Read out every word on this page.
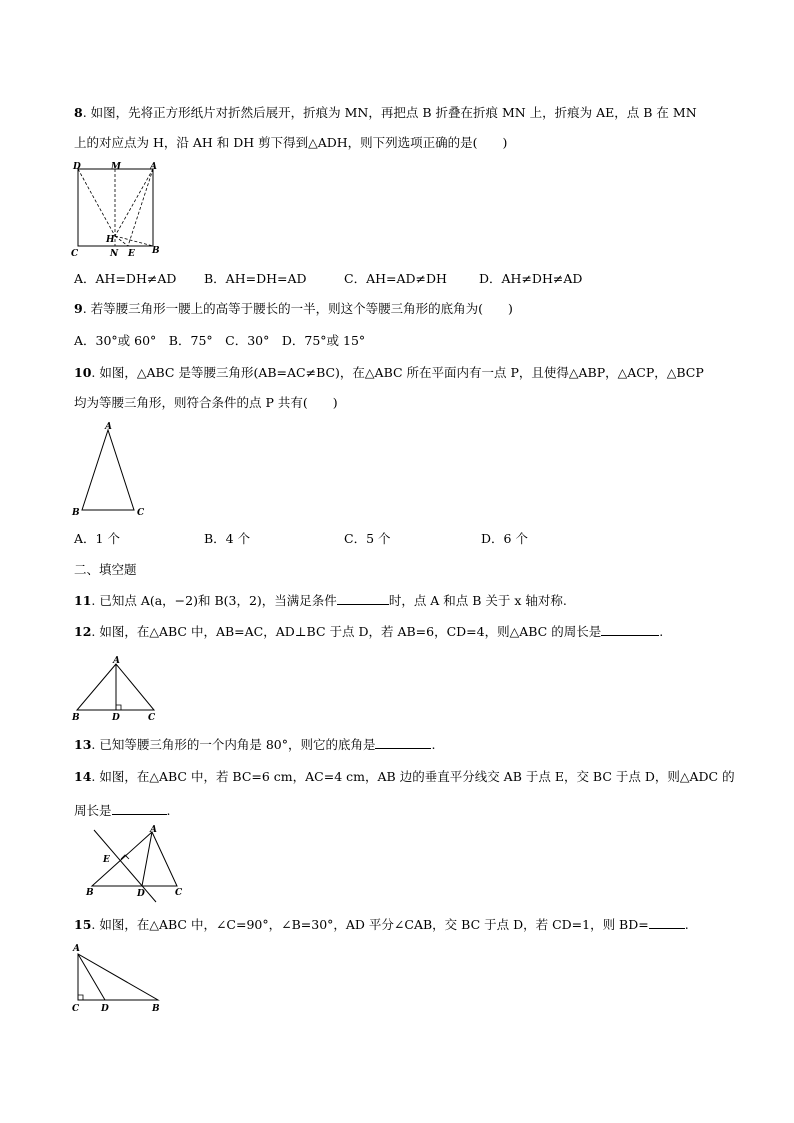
8. 如图，先将正方形纸片对折然后展开，折痕为 MN，再把点 B 折叠在折痕 MN 上，折痕为 AE，点 B 在 MN
上的对应点为 H，沿 AH 和 DH 剪下得到△ADH，则下列选项正确的是(　　)
D	M	A
H
C	N E B
A．AH=DH≠AD B．AH=DH=AD	C．AH=AD≠DH	D．AH≠DH≠AD
9. 若等腰三角形一腰上的高等于腰长的一半，则这个等腰三角形的底角为(　　)
A．30°或 60°　B．75°　C．30°　D．75°或 15°
10. 如图，△ABC 是等腰三角形(AB=AC≠BC)，在△ABC 所在平面内有一点 P，且使得△ABP，△ACP，△BCP
均为等腰三角形，则符合条件的点 P 共有(　　)
A
B	C
A．1 个	B．4 个	C．5 个	D．6 个
二、填空题
11. 已知点 A(a，−2)和 B(3，2)，当满足条件	时，点 A 和点 B 关于 x 轴对称.
12. 如图，在△ABC 中，AB=AC，AD⊥BC 于点 D，若 AB=6，CD=4，则△ABC 的周长是	.
A
B	D	C
13. 已知等腰三角形的一个内角是 80°，则它的底角是	.
14. 如图，在△ABC 中，若 BC=6 cm，AC=4 cm，AB 边的垂直平分线交 AB 于点 E，交 BC 于点 D，则△ADC 的
周长是	.
A
E
B	D	C
15. 如图，在△ABC 中，∠C=90°，∠B=30°，AD 平分∠CAB，交 BC 于点 D，若 CD=1，则 BD=	.
A
C D	B
